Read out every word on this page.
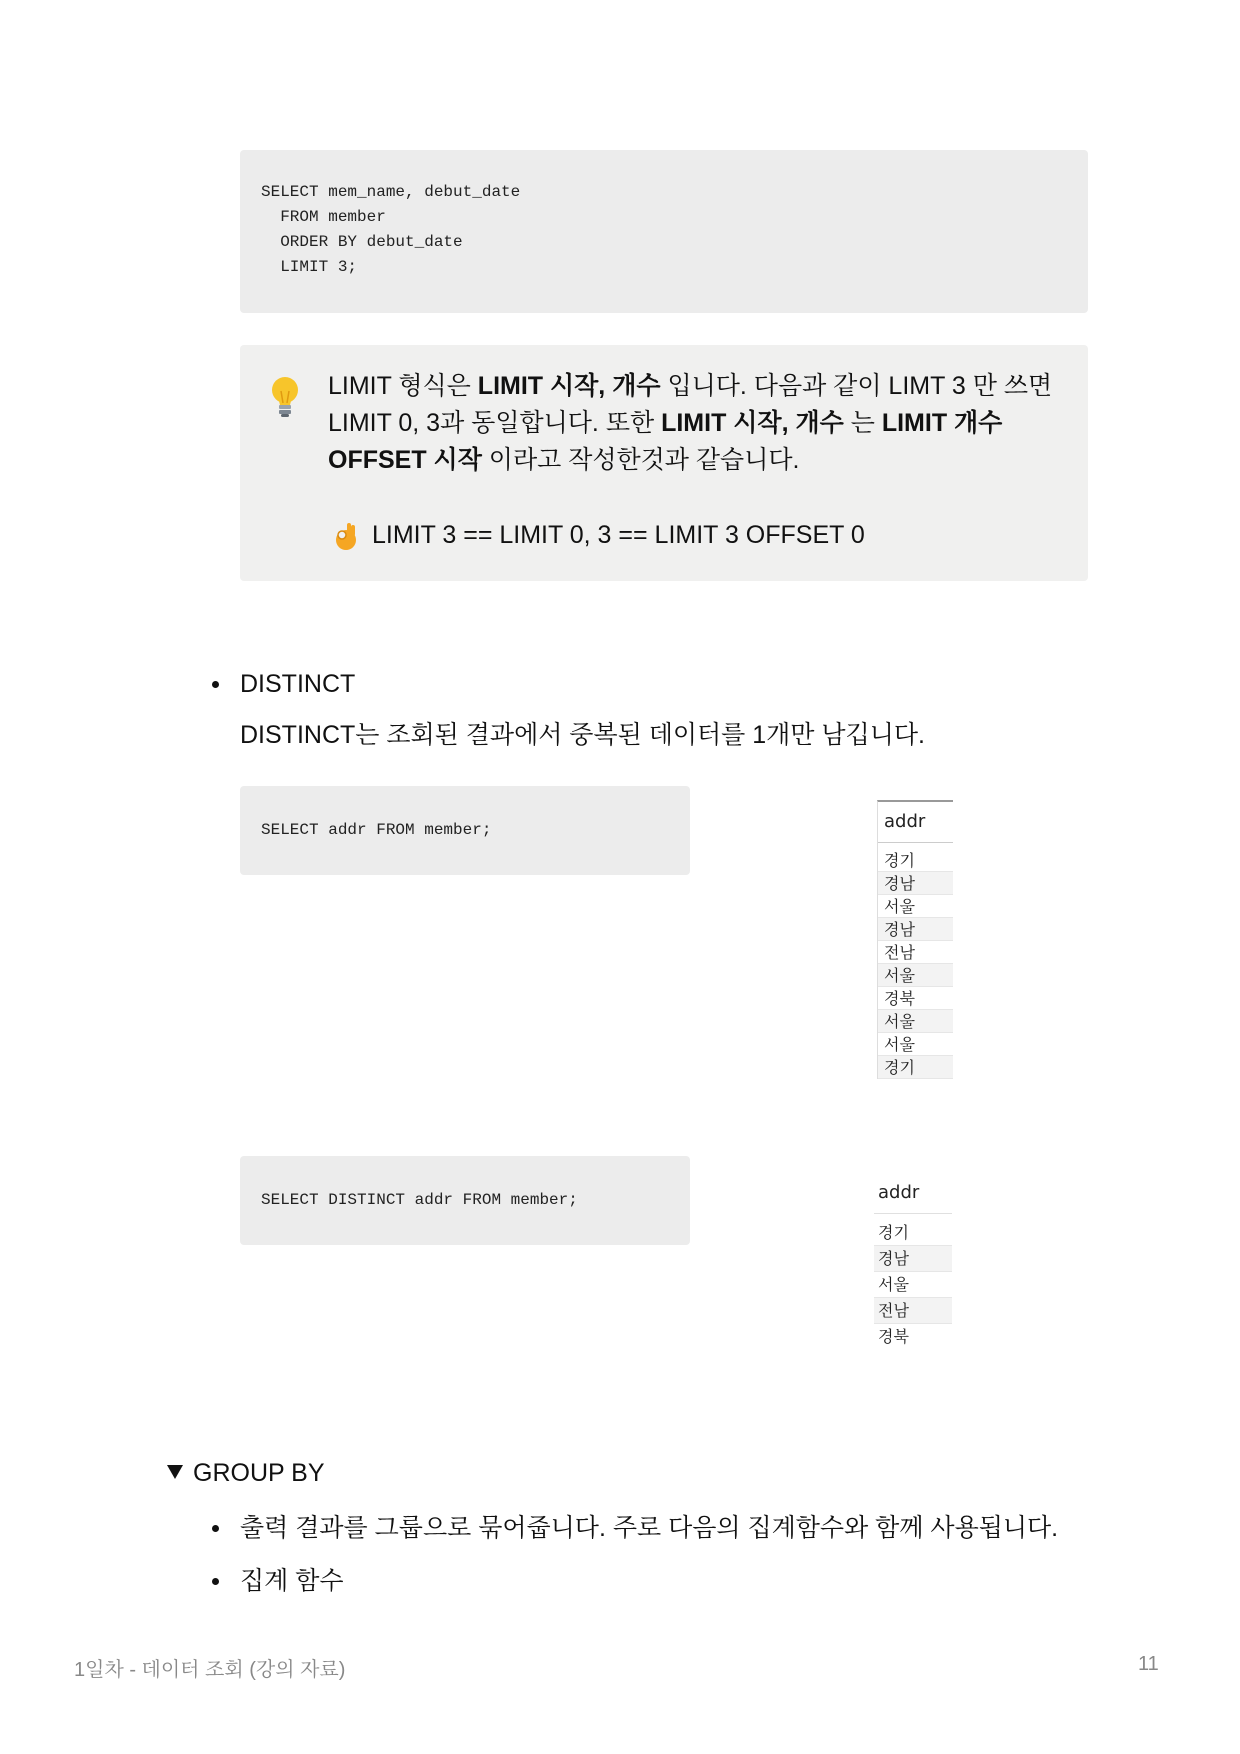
SELECT mem_name, debut_date
FROM member
ORDER BY debut_date
LIMIT 3;
LIMIT 형식은 LIMIT 시작, 개수 입니다. 다음과 같이 LIMT 3 만 쓰면
LIMIT 0, 3과 동일합니다. 또한 LIMIT 시작, 개수 는 LIMIT 개수
OFFSET 시작 이라고 작성한것과 같습니다.
LIMIT 3 == LIMIT 0, 3 == LIMIT 3 OFFSET 0
DISTINCT
DISTINCT는 조회된 결과에서 중복된 데이터를 1개만 남깁니다.
SELECT addr FROM member;	addr
경기
경남
서울
경남
전남
서울
경북
서울
서울
경기
SELECT DISTINCT addr FROM member;	addr
경기
경남
서울
전남
경북
GROUP BY
출력 결과를 그룹으로 묶어줍니다. 주로 다음의 집계함수와 함께 사용됩니다.
집계 함수
1일차 - 데이터 조회 (강의 자료)	11
